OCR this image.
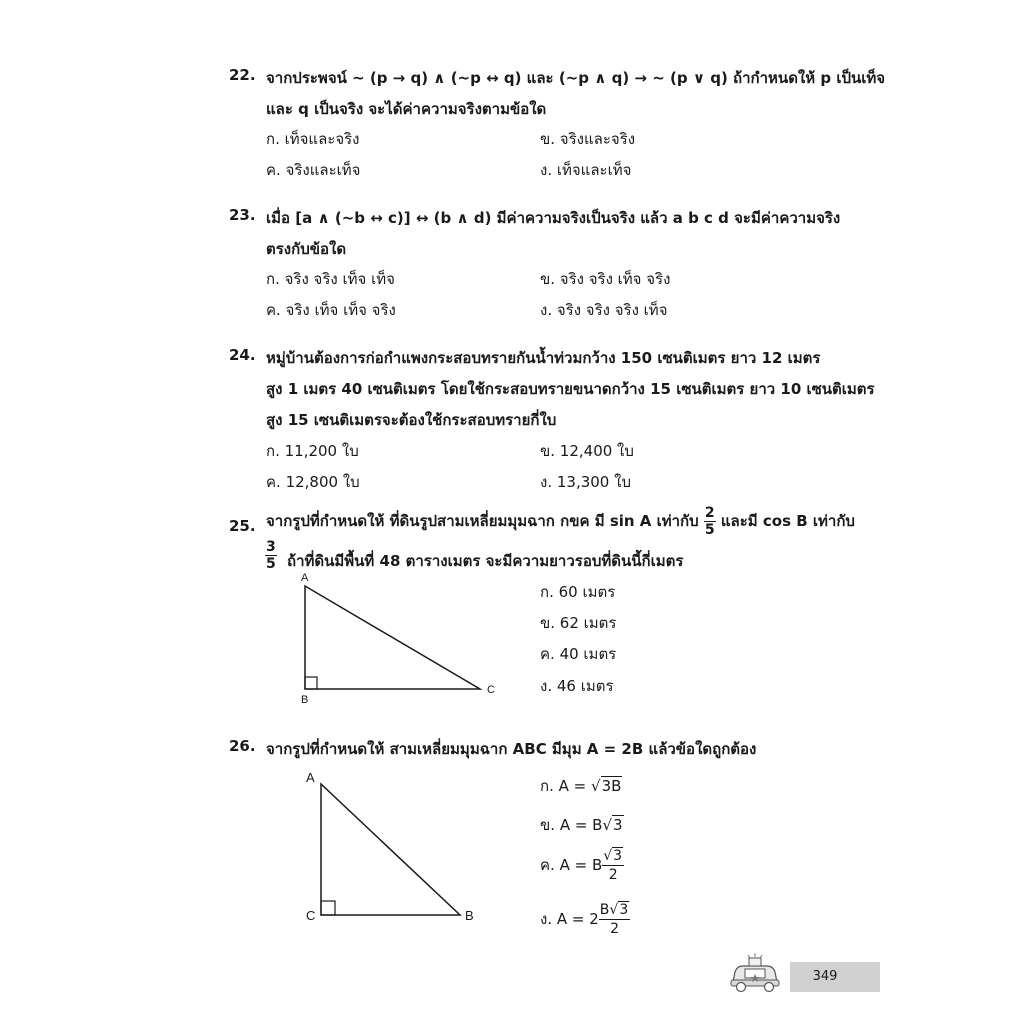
22. จากประพจน์ ~ (p → q) ∧ (~p ↔ q) และ (~p ∧ q) → ~ (p ∨ q) ถ้ากำหนดให้ p เป็นเท็จ
และ q เป็นจริง จะได้ค่าความจริงตามข้อใด
ก. เท็จและจริง	ข. จริงและจริง
ค. จริงและเท็จ	ง. เท็จและเท็จ
23. เมื่อ [a ∧ (~b ↔ c)] ↔ (b ∧ d) มีค่าความจริงเป็นจริง แล้ว a b c d จะมีค่าความจริง
ตรงกับข้อใด
ก. จริง จริง เท็จ เท็จ	ข. จริง จริง เท็จ จริง
ค. จริง เท็จ เท็จ จริง	ง. จริง จริง จริง เท็จ
24. หมู่บ้านต้องการก่อกำแพงกระสอบทรายกันน้ำท่วมกว้าง 150 เซนติเมตร ยาว 12 เมตร
สูง 1 เมตร 40 เซนติเมตร โดยใช้กระสอบทรายขนาดกว้าง 15 เซนติเมตร ยาว 10 เซนติเมตร
สูง 15 เซนติเมตรจะต้องใช้กระสอบทรายกี่ใบ
ก. 11,200 ใบ	ข. 12,400 ใบ
ค. 12,800 ใบ	ง. 13,300 ใบ
25. จากรูปที่กำหนดให้ ที่ดินรูปสามเหลี่ยมมุมฉาก กขค มี sin A เท่ากับ $\frac{2}{5}$ และมี cos B เท่ากับ
$\frac{3}{5}$ ถ้าที่ดินมีพื้นที่ 48 ตารางเมตร จะมีความยาวรอบที่ดินนี้กี่เมตร
A
B
C
ก. 60 เมตร
ข. 62 เมตร
ค. 40 เมตร
ง. 46 เมตร
26. จากรูปที่กำหนดให้ สามเหลี่ยมมุมฉาก ABC มีมุม A = 2B แล้วข้อใดถูกต้อง
A
C	B
ก. A = √3B
ข. A = B√3
ค. A = B $\frac{√3}{2}$
ง. $A = 2 \frac{B√3}{2}$
349
